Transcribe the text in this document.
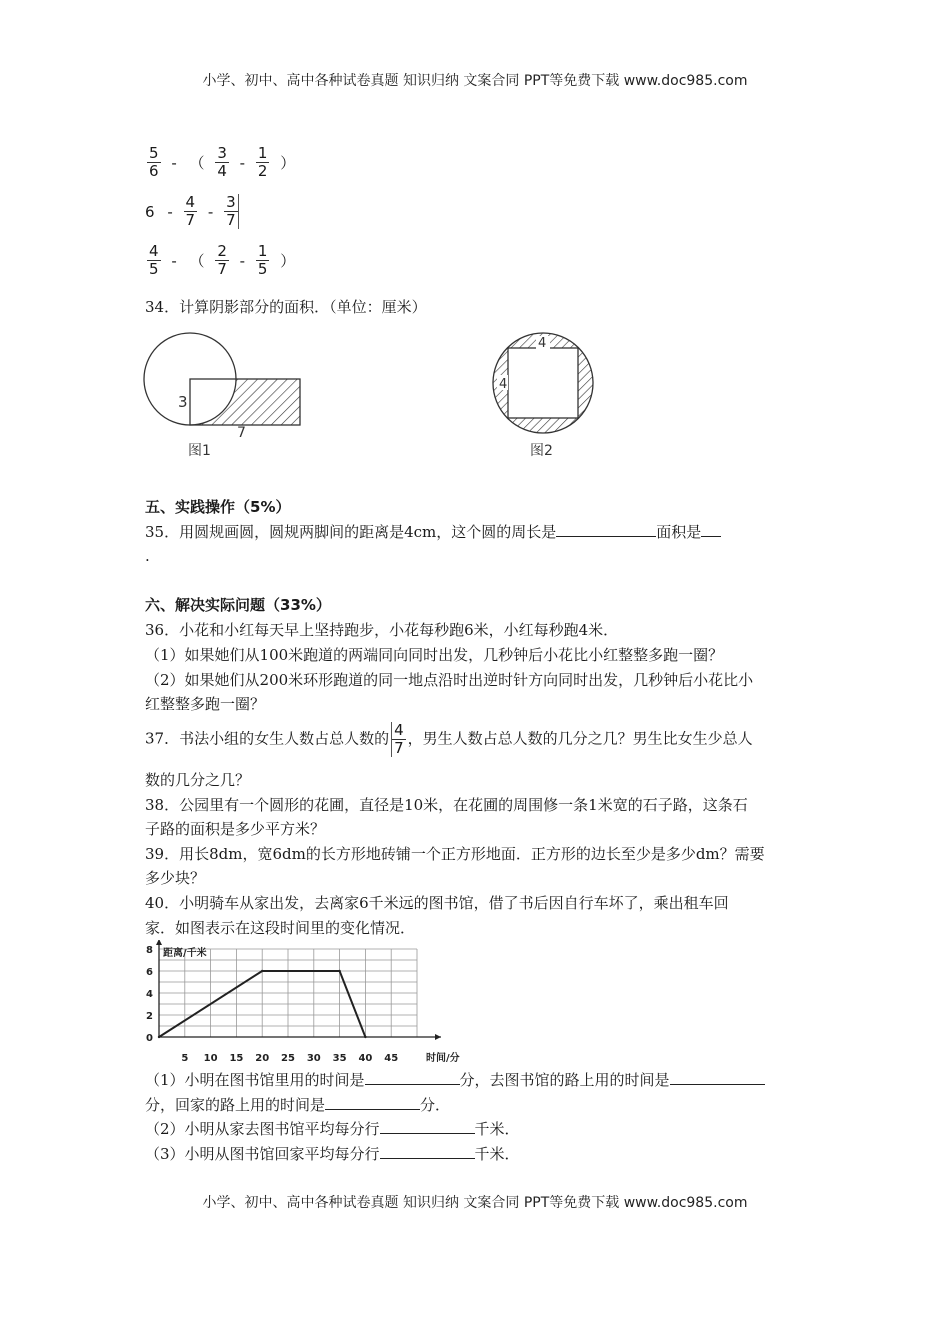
小学、初中、高中各种试卷真题 知识归纳 文案合同 PPT等免费下载 www.doc985.com
$\frac{5}{6}$ - （ $\frac{3}{4} - \frac{1}{2}$ ）
$6 - \frac{4}{7} - \frac{3}{7}$
$\frac{4}{5}$ - （ $\frac{2}{7} - \frac{1}{5}$ ）
34．计算阴影部分的面积．（单位：厘米）
3
7
图1
4
4
图2
五、实践操作（5%）
35．用圆规画圆，圆规两脚间的距离是4cm，这个圆的周长是	面积是
.
六、解决实际问题（33%）
36．小花和小红每天早上坚持跑步，小花每秒跑6米，小红每秒跑4米．
（1）如果她们从100米跑道的两端同向同时出发，几秒钟后小花比小红整整多跑一圈？
（2）如果她们从200米环形跑道的同一地点沿时出逆时针方向同时出发，几秒钟后小花比小
红整整多跑一圈？
37．书法小组的女生人数占总人数的 $\frac{4}{7}$ ，男生人数占总人数的几分之几？男生比女生少总人
数的几分之几？
38．公园里有一个圆形的花圃，直径是10米，在花圃的周围修一条1米宽的石子路，这条石
子路的面积是多少平方米？
39．用长8dm，宽6dm的长方形地砖铺一个正方形地面．正方形的边长至少是多少dm？需要
多少块？
40．小明骑车从家出发，去离家6千米远的图书馆，借了书后因自行车坏了，乘出租车回
家．如图表示在这段时间里的变化情况．
5 10 15 20 25 30 35 40 45
0
2
4
6
8 距离/千米
时间/分
（1）小明在图书馆里用的时间是	分，去图书馆的路上用的时间是
分，回家的路上用的时间是	分．
（2）小明从家去图书馆平均每分行	千米．
（3）小明从图书馆回家平均每分行	千米．
小学、初中、高中各种试卷真题 知识归纳 文案合同 PPT等免费下载 www.doc985.com
